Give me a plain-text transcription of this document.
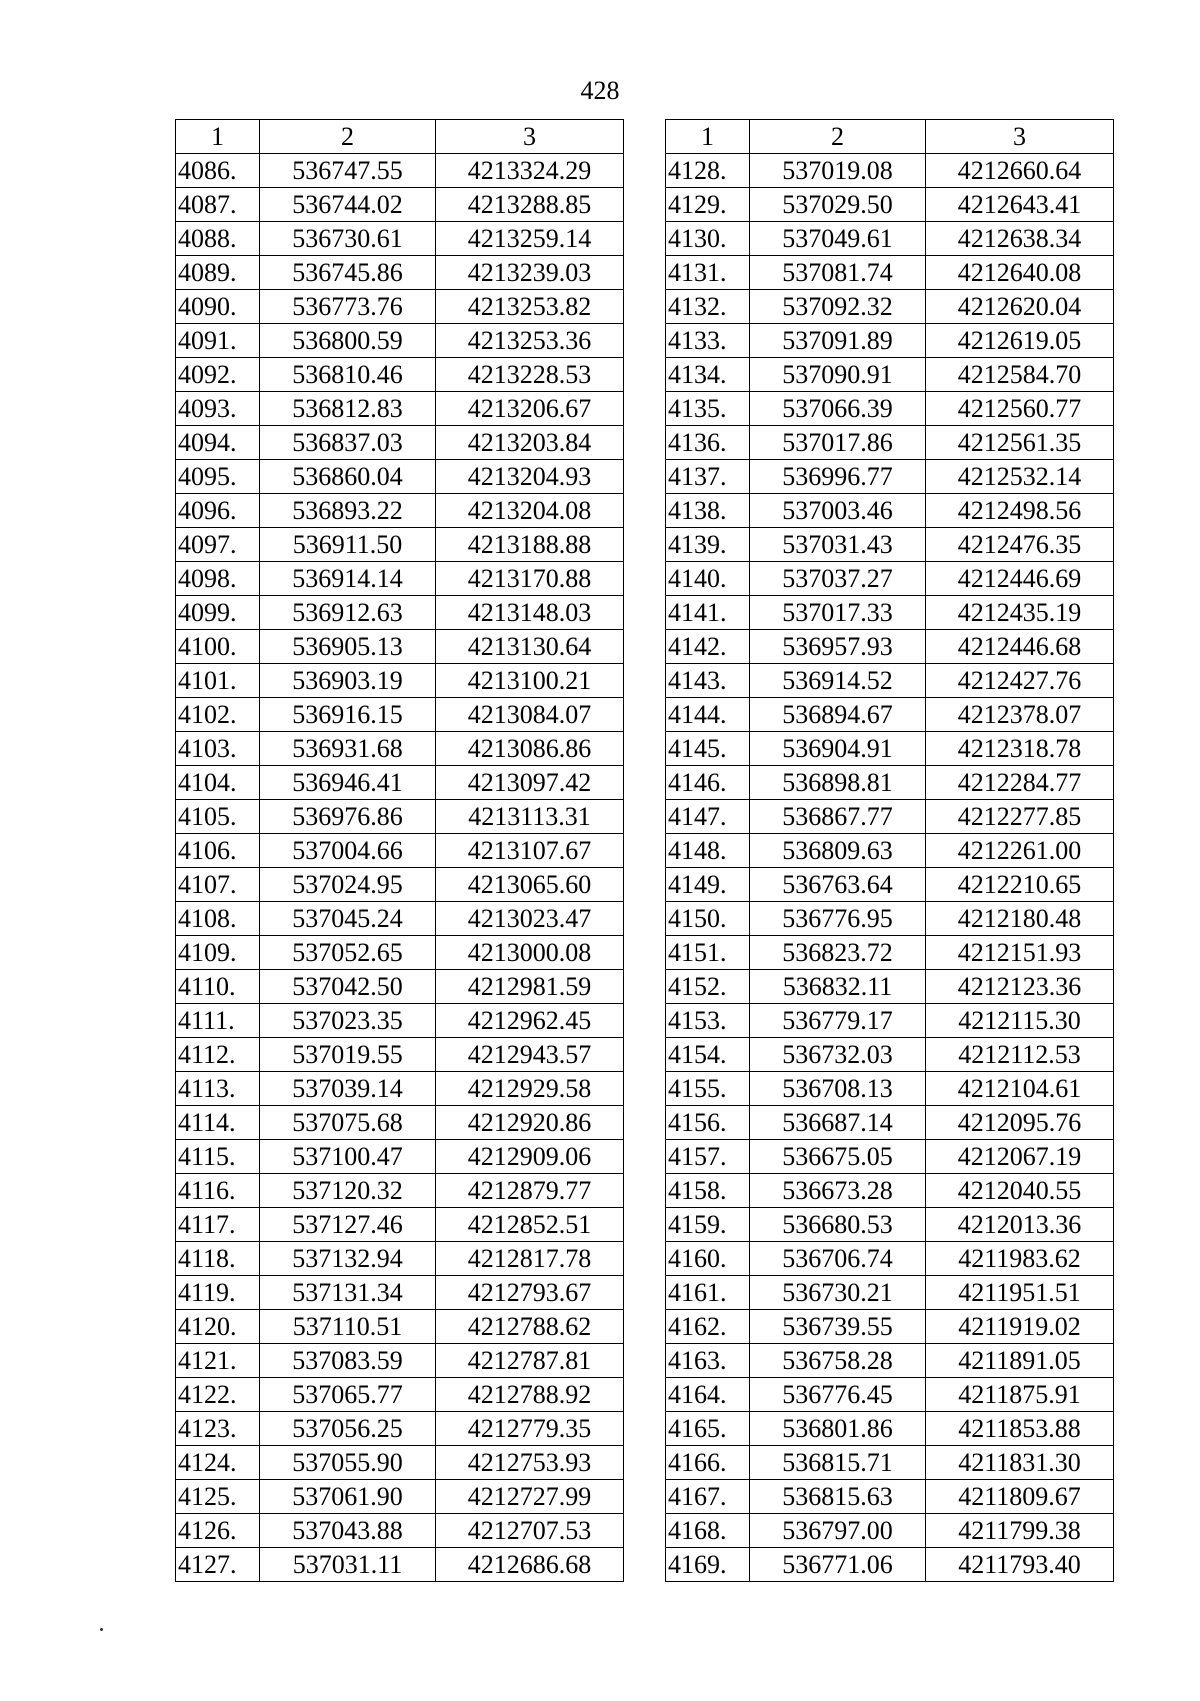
428
1	2	3
4086.	536747.55	4213324.29
4087.	536744.02	4213288.85
4088.	536730.61	4213259.14
4089.	536745.86	4213239.03
4090.	536773.76	4213253.82
4091.	536800.59	4213253.36
4092.	536810.46	4213228.53
4093.	536812.83	4213206.67
4094.	536837.03	4213203.84
4095.	536860.04	4213204.93
4096.	536893.22	4213204.08
4097.	536911.50	4213188.88
4098.	536914.14	4213170.88
4099.	536912.63	4213148.03
4100.	536905.13	4213130.64
4101.	536903.19	4213100.21
4102.	536916.15	4213084.07
4103.	536931.68	4213086.86
4104.	536946.41	4213097.42
4105.	536976.86	4213113.31
4106.	537004.66	4213107.67
4107.	537024.95	4213065.60
4108.	537045.24	4213023.47
4109.	537052.65	4213000.08
4110.	537042.50	4212981.59
4111.	537023.35	4212962.45
4112.	537019.55	4212943.57
4113.	537039.14	4212929.58
4114.	537075.68	4212920.86
4115.	537100.47	4212909.06
4116.	537120.32	4212879.77
4117.	537127.46	4212852.51
4118.	537132.94	4212817.78
4119.	537131.34	4212793.67
4120.	537110.51	4212788.62
4121.	537083.59	4212787.81
4122.	537065.77	4212788.92
4123.	537056.25	4212779.35
4124.	537055.90	4212753.93
4125.	537061.90	4212727.99
4126.	537043.88	4212707.53
4127.	537031.11	4212686.68
1	2	3
4128.	537019.08	4212660.64
4129.	537029.50	4212643.41
4130.	537049.61	4212638.34
4131.	537081.74	4212640.08
4132.	537092.32	4212620.04
4133.	537091.89	4212619.05
4134.	537090.91	4212584.70
4135.	537066.39	4212560.77
4136.	537017.86	4212561.35
4137.	536996.77	4212532.14
4138.	537003.46	4212498.56
4139.	537031.43	4212476.35
4140.	537037.27	4212446.69
4141.	537017.33	4212435.19
4142.	536957.93	4212446.68
4143.	536914.52	4212427.76
4144.	536894.67	4212378.07
4145.	536904.91	4212318.78
4146.	536898.81	4212284.77
4147.	536867.77	4212277.85
4148.	536809.63	4212261.00
4149.	536763.64	4212210.65
4150.	536776.95	4212180.48
4151.	536823.72	4212151.93
4152.	536832.11	4212123.36
4153.	536779.17	4212115.30
4154.	536732.03	4212112.53
4155.	536708.13	4212104.61
4156.	536687.14	4212095.76
4157.	536675.05	4212067.19
4158.	536673.28	4212040.55
4159.	536680.53	4212013.36
4160.	536706.74	4211983.62
4161.	536730.21	4211951.51
4162.	536739.55	4211919.02
4163.	536758.28	4211891.05
4164.	536776.45	4211875.91
4165.	536801.86	4211853.88
4166.	536815.71	4211831.30
4167.	536815.63	4211809.67
4168.	536797.00	4211799.38
4169.	536771.06	4211793.40
